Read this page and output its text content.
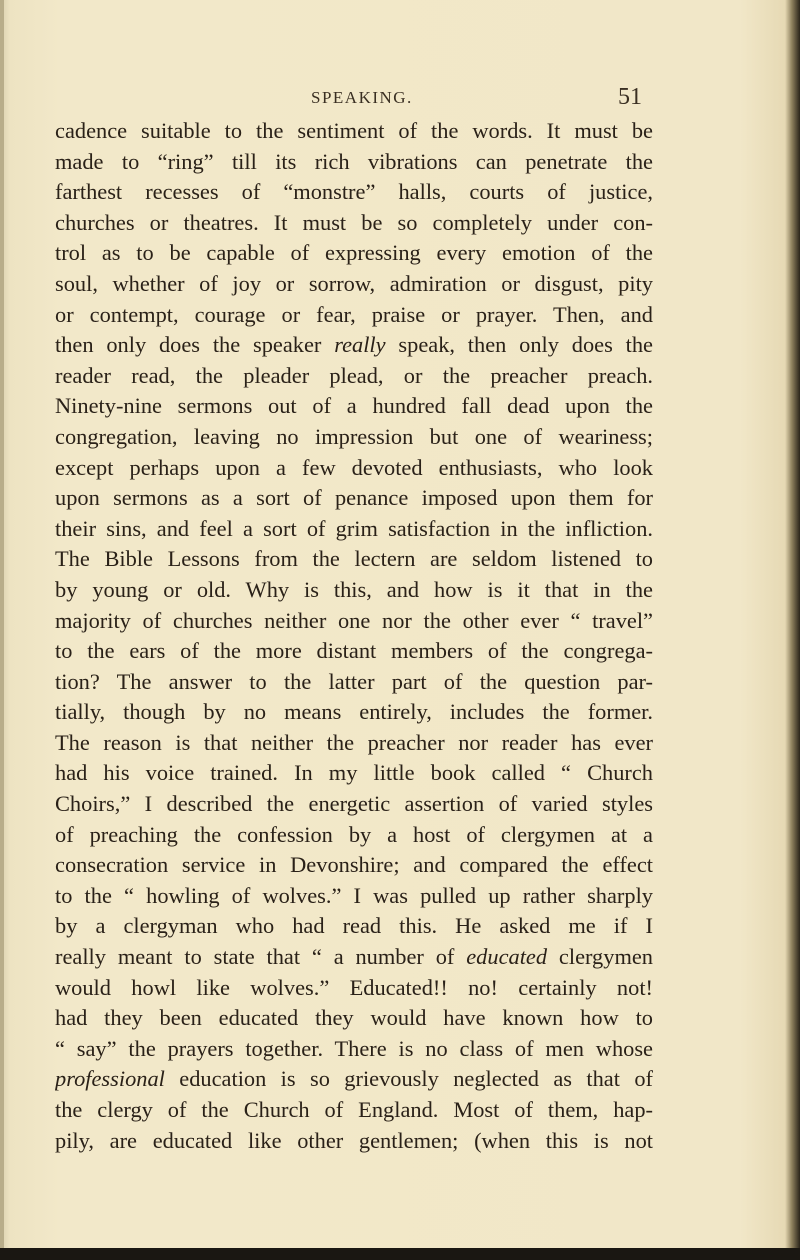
SPEAKING.	51
cadence suitable to the sentiment of the words. It must be
made to “ring” till its rich vibrations can penetrate the
farthest recesses of “monstre” halls, courts of justice,
churches or theatres. It must be so completely under con-
trol as to be capable of expressing every emotion of the
soul, whether of joy or sorrow, admiration or disgust, pity
or contempt, courage or fear, praise or prayer. Then, and
then only does the speaker really speak, then only does the
reader read, the pleader plead, or the preacher preach.
Ninety-nine sermons out of a hundred fall dead upon the
congregation, leaving no impression but one of weariness;
except perhaps upon a few devoted enthusiasts, who look
upon sermons as a sort of penance imposed upon them for
their sins, and feel a sort of grim satisfaction in the infliction.
The Bible Lessons from the lectern are seldom listened to
by young or old. Why is this, and how is it that in the
majority of churches neither one nor the other ever “ travel”
to the ears of the more distant members of the congrega-
tion? The answer to the latter part of the question par-
tially, though by no means entirely, includes the former.
The reason is that neither the preacher nor reader has ever
had his voice trained. In my little book called “ Church
Choirs,” I described the energetic assertion of varied styles
of preaching the confession by a host of clergymen at a
consecration service in Devonshire; and compared the effect
to the “ howling of wolves.” I was pulled up rather sharply
by a clergyman who had read this. He asked me if I
really meant to state that “ a number of educated clergymen
would howl like wolves.” Educated!! no! certainly not!
had they been educated they would have known how to
“ say” the prayers together. There is no class of men whose
professional education is so grievously neglected as that of
the clergy of the Church of England. Most of them, hap-
pily, are educated like other gentlemen; (when this is not
